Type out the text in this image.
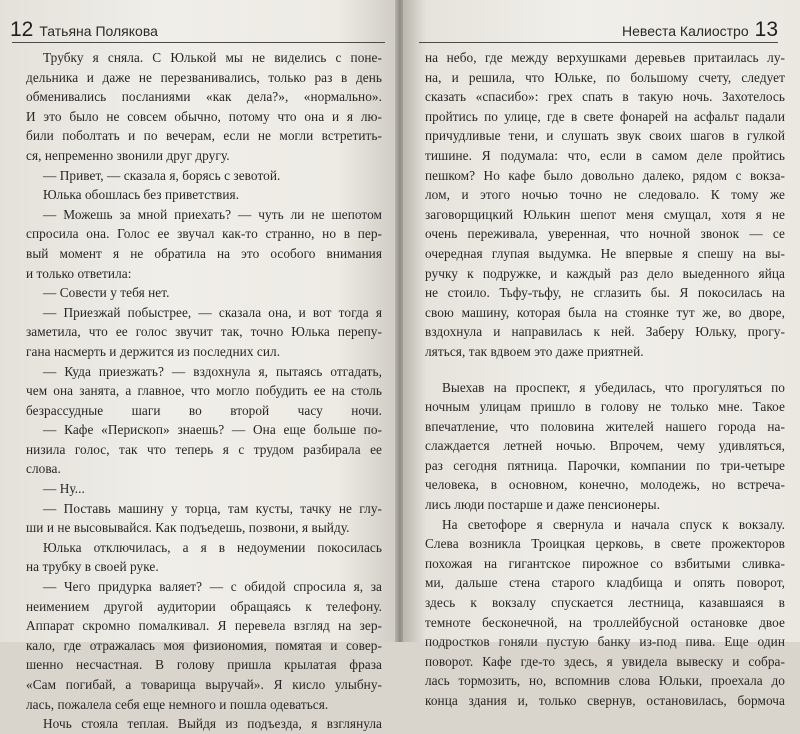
12 Татьяна Полякова
Трубку я сняла. С Юлькой мы не виделись с поне-
дельника и даже не перезванивались, только раз в день
обменивались посланиями «как дела?», «нормально».
И это было не совсем обычно, потому что она и я лю-
били поболтать и по вечерам, если не могли встретить-
ся, непременно звонили друг другу.
— Привет, — сказала я, борясь с зевотой.
Юлька обошлась без приветствия.
— Можешь за мной приехать? — чуть ли не шепотом
спросила она. Голос ее звучал как-то странно, но в пер-
вый момент я не обратила на это особого внимания
и только ответила:
— Совести у тебя нет.
— Приезжай побыстрее, — сказала она, и вот тогда я
заметила, что ее голос звучит так, точно Юлька перепу-
гана насмерть и держится из последних сил.
— Куда приезжать? — вздохнула я, пытаясь отгадать,
чем она занята, а главное, что могло побудить ее на столь
безрассудные шаги во второй часу ночи.
— Кафе «Перископ» знаешь? — Она еще больше по-
низила голос, так что теперь я с трудом разбирала ее
слова.
— Ну...
— Поставь машину у торца, там кусты, тачку не глу-
ши и не высовывайся. Как подъедешь, позвони, я выйду.
Юлька отключилась, а я в недоумении покосилась
на трубку в своей руке.
— Чего придурка валяет? — с обидой спросила я, за
неимением другой аудитории обращаясь к телефону.
Аппарат скромно помалкивал. Я перевела взгляд на зер-
кало, где отражалась моя физиономия, помятая и совер-
шенно несчастная. В голову пришла крылатая фраза
«Сам погибай, а товарища выручай». Я кисло улыбну-
лась, пожалела себя еще немного и пошла одеваться.
Ночь стояла теплая. Выйдя из подъезда, я взглянула
Невеста Калиостро 13
на небо, где между верхушками деревьев притаилась лу-
на, и решила, что Юльке, по большому счету, следует
сказать «спасибо»: грех спать в такую ночь. Захотелось
пройтись по улице, где в свете фонарей на асфальт падали
причудливые тени, и слушать звук своих шагов в гулкой
тишине. Я подумала: что, если в самом деле пройтись
пешком? Но кафе было довольно далеко, рядом с вокза-
лом, и этого ночью точно не следовало. К тому же
заговорщицкий Юлькин шепот меня смущал, хотя я не
очень переживала, уверенная, что ночной звонок — се
очередная глупая выдумка. Не впервые я спешу на вы-
ручку к подружке, и каждый раз дело выеденного яйца
не стоило. Тьфу-тьфу, не сглазить бы. Я покосилась на
свою машину, которая была на стоянке тут же, во дворе,
вздохнула и направилась к ней. Заберу Юльку, прогу-
ляться, так вдвоем это даже приятней.
Выехав на проспект, я убедилась, что прогуляться по
ночным улицам пришло в голову не только мне. Такое
впечатление, что половина жителей нашего города на-
слаждается летней ночью. Впрочем, чему удивляться,
раз сегодня пятница. Парочки, компании по три-четыре
человека, в основном, конечно, молодежь, но встреча-
лись люди постарше и даже пенсионеры.
На светофоре я свернула и начала спуск к вокзалу.
Слева возникла Троицкая церковь, в свете прожекторов
похожая на гигантское пирожное со взбитыми сливка-
ми, дальше стена старого кладбища и опять поворот,
здесь к вокзалу спускается лестница, казавшаяся в
темноте бесконечной, на троллейбусной остановке двое
подростков гоняли пустую банку из-под пива. Еще один
поворот. Кафе где-то здесь, я увидела вывеску и собра-
лась тормозить, но, вспомнив слова Юльки, проехала до
конца здания и, только свернув, остановилась, бормоча
